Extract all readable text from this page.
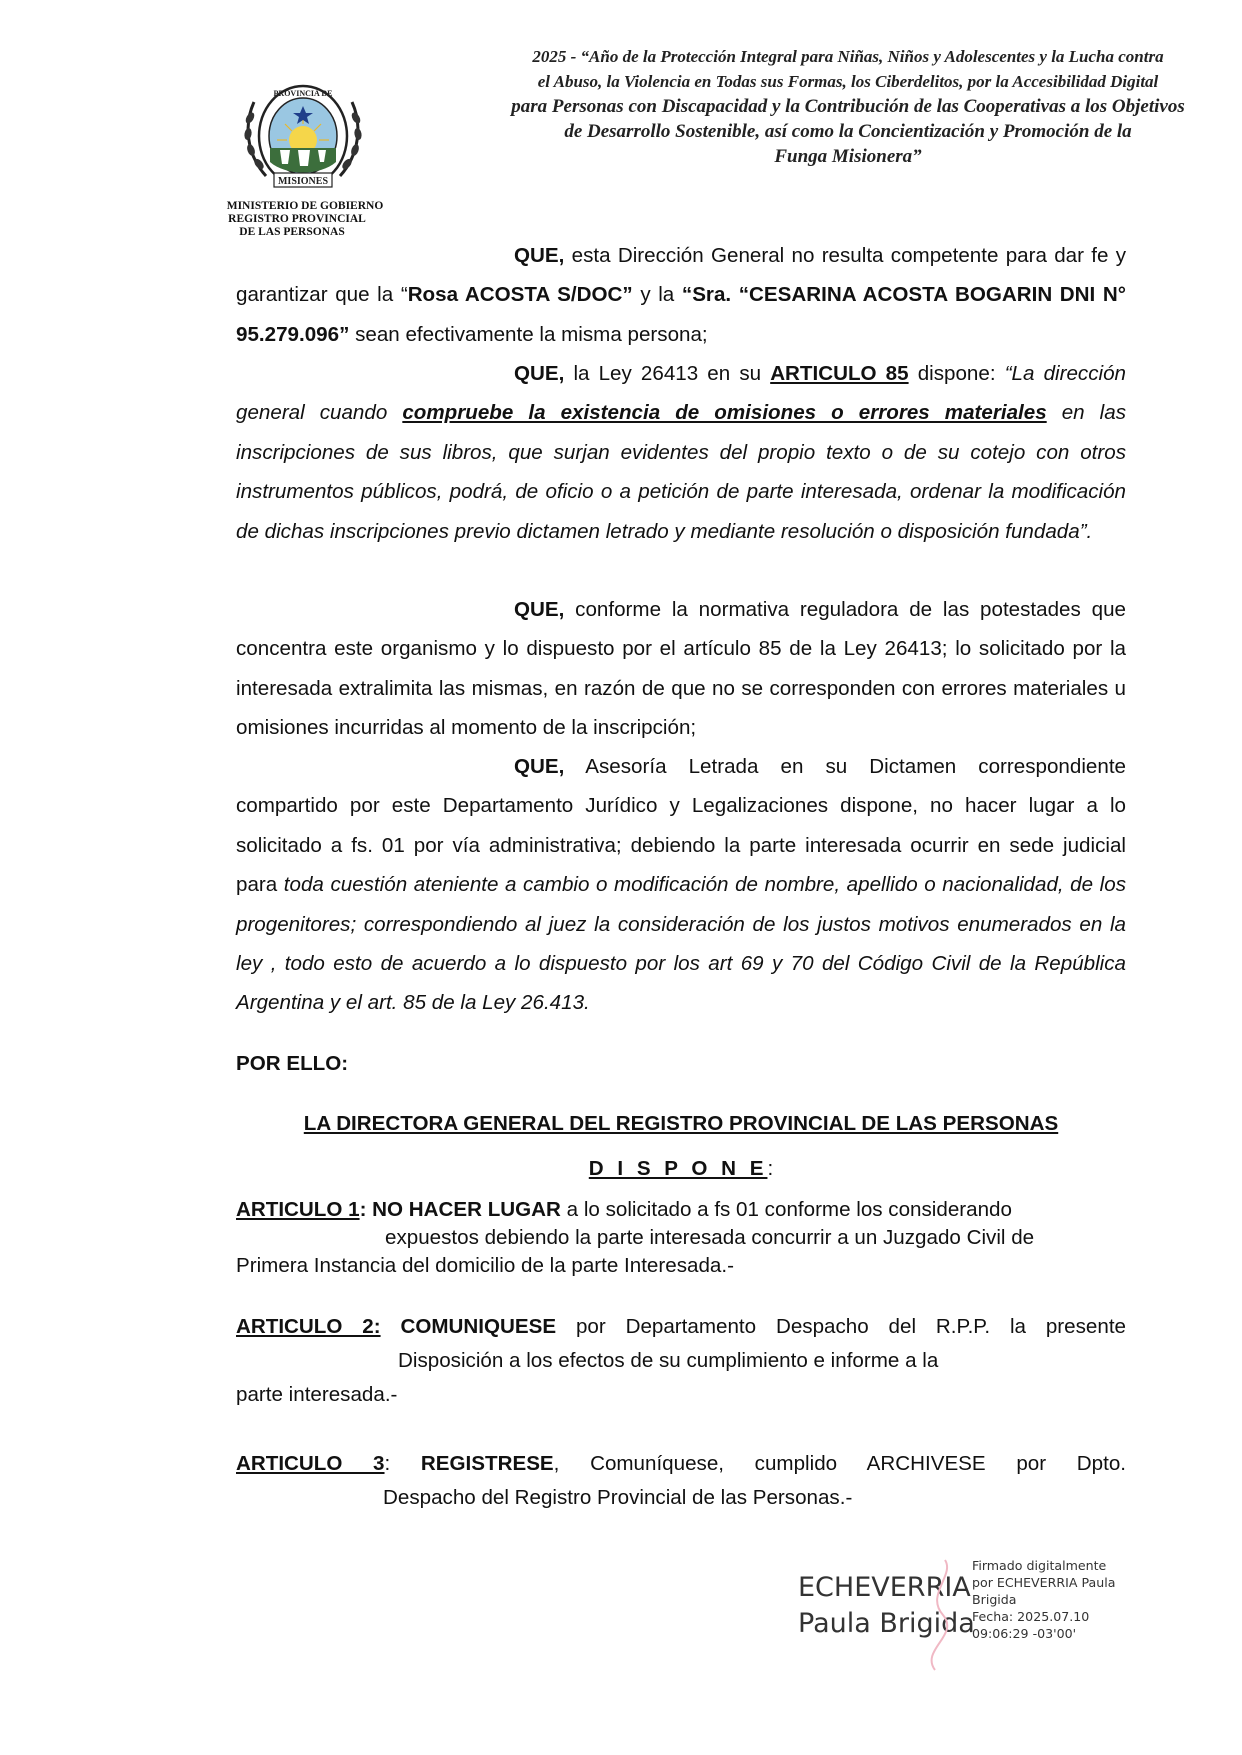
PROVINCIA DE
MISIONES
MINISTERIO DE GOBIERNO
REGISTRO PROVINCIAL
DE LAS PERSONAS
2025 - “Año de la Protección Integral para Niñas, Niños y Adolescentes y la Lucha contra
el Abuso, la Violencia en Todas sus Formas, los Ciberdelitos, por la Accesibilidad Digital
para Personas con Discapacidad y la Contribución de las Cooperativas a los Objetivos
de Desarrollo Sostenible, así como la Concientización y Promoción de la
Funga Misionera”
QUE, esta Dirección General no resulta competente para dar fe y garantizar que la “Rosa ACOSTA S/DOC” y la “Sra. “CESARINA ACOSTA BOGARIN DNI N° 95.279.096” sean efectivamente la misma persona;
QUE, la Ley 26413 en su ARTICULO 85 dispone: “La dirección general cuando compruebe la existencia de omisiones o errores materiales en las inscripciones de sus libros, que surjan evidentes del propio texto o de su cotejo con otros instrumentos públicos, podrá, de oficio o a petición de parte interesada, ordenar la modificación de dichas inscripciones previo dictamen letrado y mediante resolución o disposición fundada”.
QUE, conforme la normativa reguladora de las potestades que concentra este organismo y lo dispuesto por el artículo 85 de la Ley 26413; lo solicitado por la interesada extralimita las mismas, en razón de que no se corresponden con errores materiales u omisiones incurridas al momento de la inscripción;
QUE, Asesoría Letrada en su Dictamen correspondiente compartido por este Departamento Jurídico y Legalizaciones dispone, no hacer lugar a lo solicitado a fs. 01 por vía administrativa; debiendo la parte interesada ocurrir en sede judicial para toda cuestión ateniente a cambio o modificación de nombre, apellido o nacionalidad, de los progenitores; correspondiendo al juez la consideración de los justos motivos enumerados en la ley , todo esto de acuerdo a lo dispuesto por los art 69 y 70 del Código Civil de la República Argentina y el art. 85 de la Ley 26.413.
POR ELLO:
LA DIRECTORA GENERAL DEL REGISTRO PROVINCIAL DE LAS PERSONAS
D I S P O N E:
ARTICULO 1: NO HACER LUGAR a lo solicitado a fs 01 conforme los considerando
expuestos debiendo la parte interesada concurrir a un Juzgado Civil de
Primera Instancia del domicilio de la parte Interesada.-
ARTICULO 2: COMUNIQUESE por Departamento Despacho del R.P.P. la presente
Disposición a los efectos de su cumplimiento e informe a la
parte interesada.-
ARTICULO 3: REGISTRESE, Comuníquese, cumplido ARCHIVESE por Dpto.
Despacho del Registro Provincial de las Personas.-
ECHEVERRIA
Paula Brigida
Firmado digitalmente
por ECHEVERRIA Paula
Brigida
Fecha: 2025.07.10
09:06:29 -03'00'
